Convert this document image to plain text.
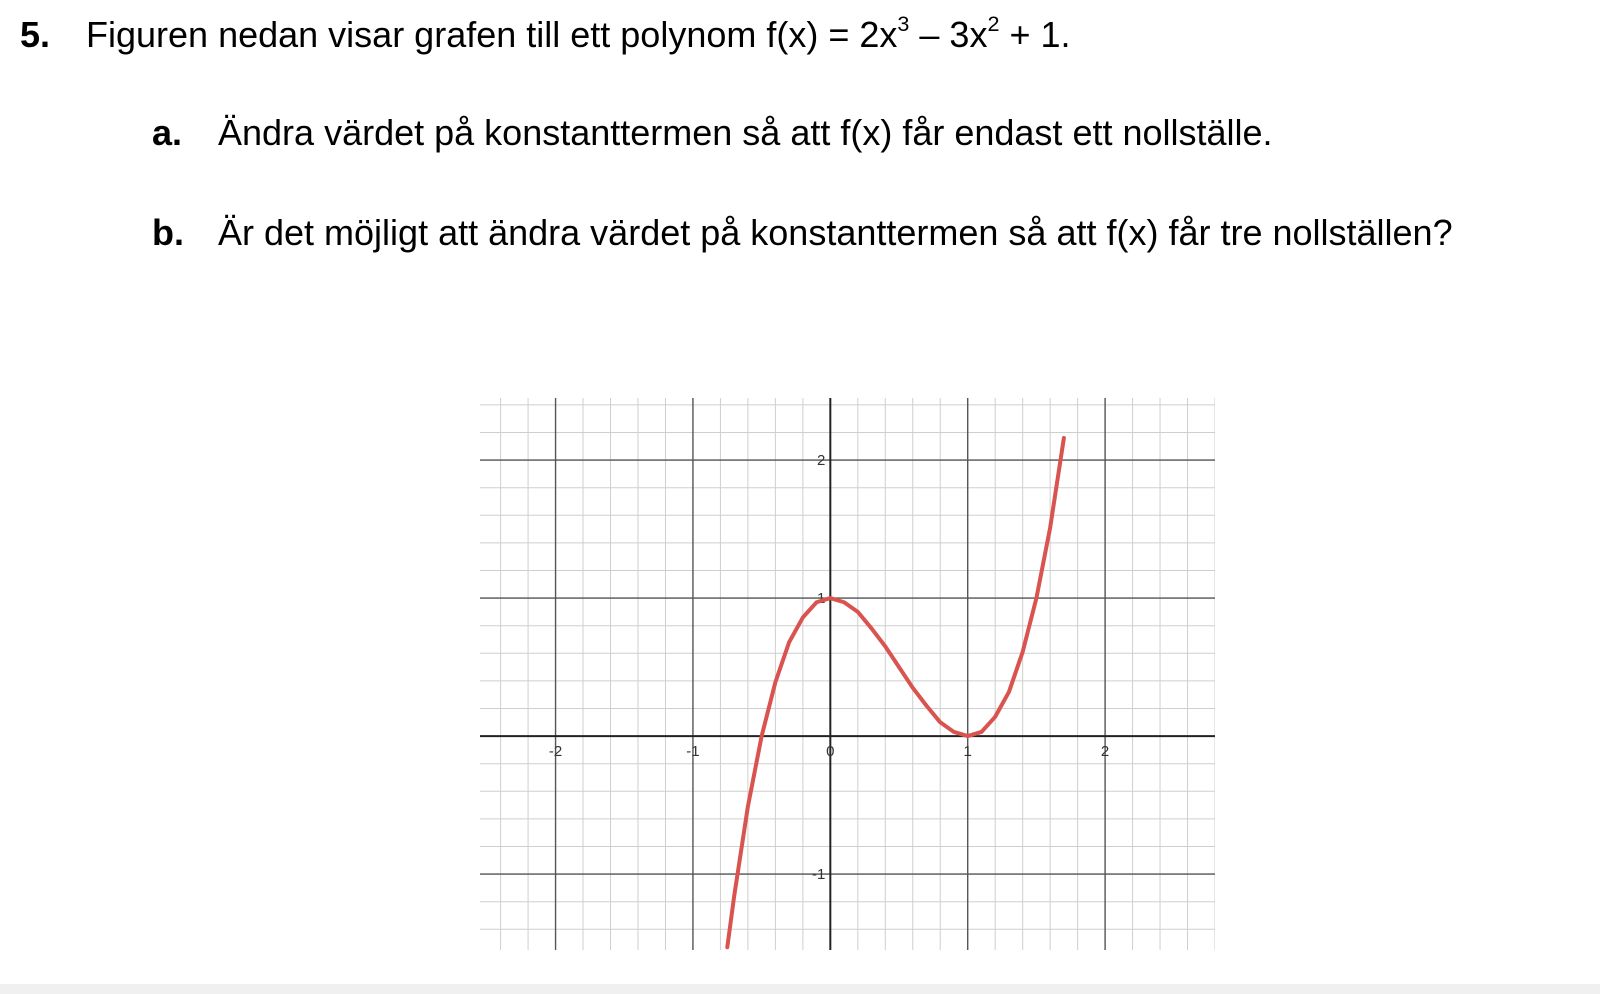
5. Figuren nedan visar grafen till ett polynom $f(x) = 2x^3 - 3x^2 + 1$.
a. Ändra värdet på konstanttermen så att f(x) får endast ett nollställe.
b. Är det möjligt att ändra värdet på konstanttermen så att f(x) får tre nollställen?
-2	-1	0	1	2
2
1
-1
